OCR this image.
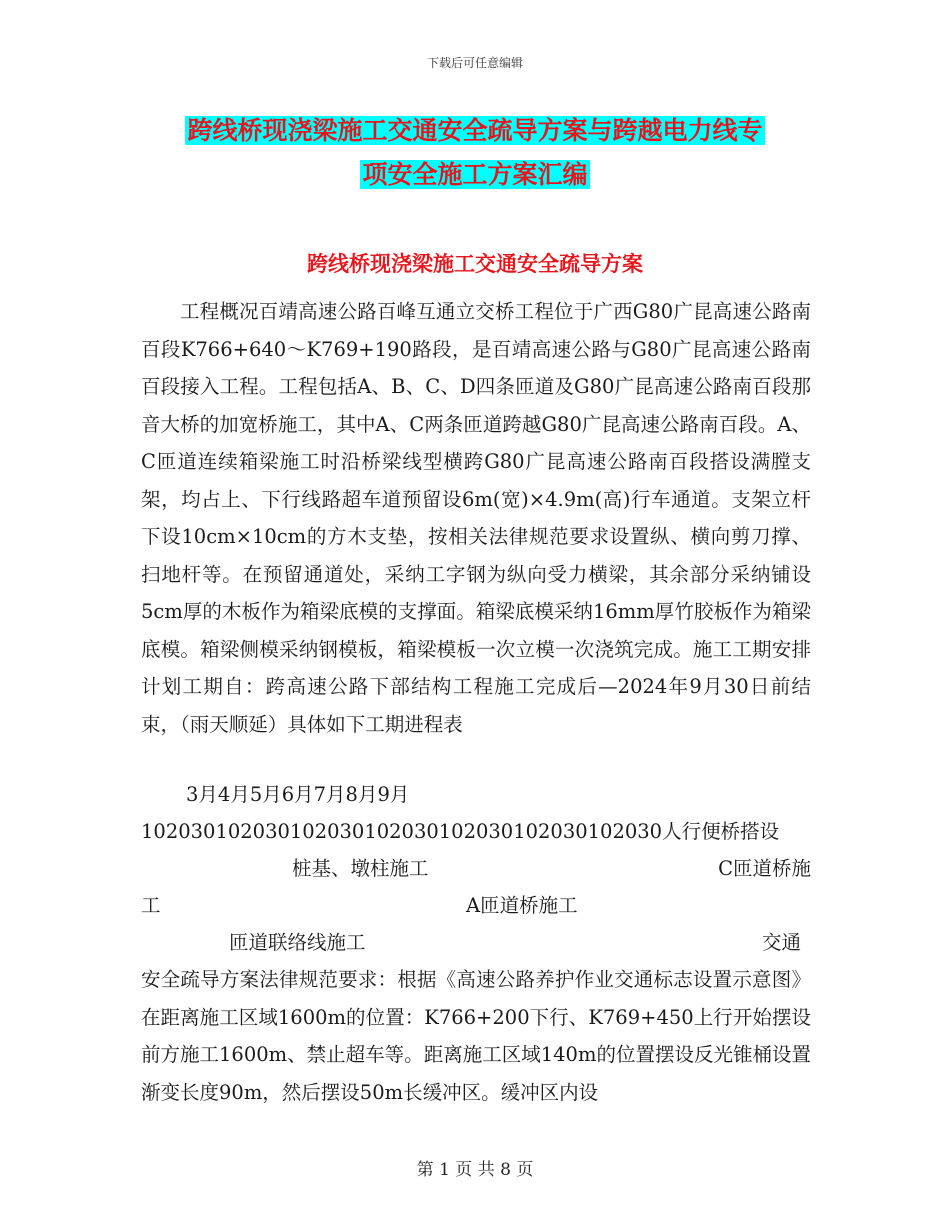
下载后可任意编辑
跨线桥现浇梁施工交通安全疏导方案与跨越电力线专
项安全施工方案汇编
跨线桥现浇梁施工交通安全疏导方案
工程概况百靖高速公路百峰互通立交桥工程位于广西G80广昆高速公路南百段K766+640～K769+190路段，是百靖高速公路与G80广昆高速公路南百段接入工程。工程包括A、B、C、D四条匝道及G80广昆高速公路南百段那音大桥的加宽桥施工，其中A、C两条匝道跨越G80广昆高速公路南百段。A、C匝道连续箱梁施工时沿桥梁线型横跨G80广昆高速公路南百段搭设满膛支架，均占上、下行线路超车道预留设6m(宽)×4.9m(高)行车通道。支架立杆下设10cm×10cm的方木支垫，按相关法律规范要求设置纵、横向剪刀撑、扫地杆等。在预留通道处，采纳工字钢为纵向受力横梁，其余部分采纳铺设5cm厚的木板作为箱梁底模的支撑面。箱梁底模采纳16mm厚竹胶板作为箱梁底模。箱梁侧模采纳钢模板，箱梁模板一次立模一次浇筑完成。施工工期安排计划工期自：跨高速公路下部结构工程施工完成后—2024年9月30日前结束，（雨天顺延）具体如下工期进程表
3月4月5月6月7月8月9月
102030102030102030102030102030102030102030人行便桥搭设
桩基、墩柱施工	C匝道桥施
工	A匝道桥施工
匝道联络线施工	交通
安全疏导方案法律规范要求：根据《高速公路养护作业交通标志设置示意图》在距离施工区域1600m的位置：K766+200下行、K769+450上行开始摆设前方施工1600m、禁止超车等。距离施工区域140m的位置摆设反光锥桶设置渐变长度90m，然后摆设50m长缓冲区。缓冲区内设
第 1 页 共 8 页
